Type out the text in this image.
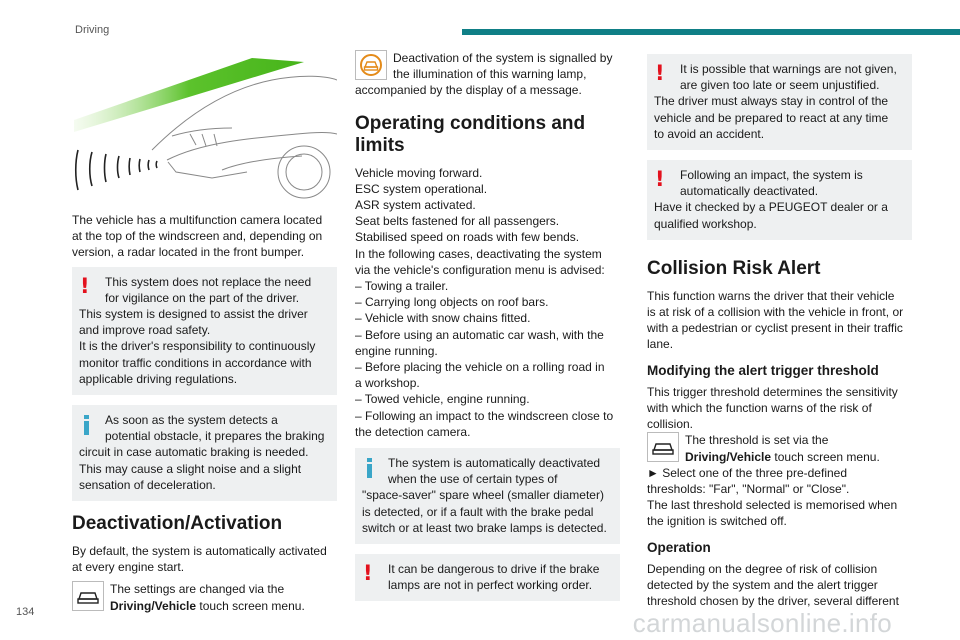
Driving
134	carmanualsonline.info
The vehicle has a multifunction camera located
at the top of the windscreen and, depending on
version, a radar located in the front bumper.
!	This system does not replace the need
for vigilance on the part of the driver.
This system is designed to assist the driver
and improve road safety.
It is the driver's responsibility to continuously
monitor traffic conditions in accordance with
applicable driving regulations.
As soon as the system detects a
potential obstacle, it prepares the braking
circuit in case automatic braking is needed.
This may cause a slight noise and a slight
sensation of deceleration.
Deactivation/Activation
By default, the system is automatically activated
at every engine start.
The settings are changed via the
Driving/Vehicle touch screen menu.
Deactivation of the system is signalled by
the illumination of this warning lamp,
accompanied by the display of a message.
Operating conditions and
limits
Vehicle moving forward.
ESC system operational.
ASR system activated.
Seat belts fastened for all passengers.
Stabilised speed on roads with few bends.
In the following cases, deactivating the system
via the vehicle's configuration menu is advised:
– Towing a trailer.
– Carrying long objects on roof bars.
– Vehicle with snow chains fitted.
– Before using an automatic car wash, with the
engine running.
– Before placing the vehicle on a rolling road in
a workshop.
– Towed vehicle, engine running.
– Following an impact to the windscreen close to
the detection camera.
The system is automatically deactivated
when the use of certain types of
"space-saver" spare wheel (smaller diameter)
is detected, or if a fault with the brake pedal
switch or at least two brake lamps is detected.
!	It can be dangerous to drive if the brake
lamps are not in perfect working order.
!	It is possible that warnings are not given,
are given too late or seem unjustified.
The driver must always stay in control of the
vehicle and be prepared to react at any time
to avoid an accident.
!	Following an impact, the system is
automatically deactivated.
Have it checked by a PEUGEOT dealer or a
qualified workshop.
Collision Risk Alert
This function warns the driver that their vehicle
is at risk of a collision with the vehicle in front, or
with a pedestrian or cyclist present in their traffic
lane.
Modifying the alert trigger threshold
This trigger threshold determines the sensitivity
with which the function warns of the risk of
collision.
The threshold is set via the
Driving/Vehicle touch screen menu.
► Select one of the three pre-defined
thresholds: "Far", "Normal" or "Close".
The last threshold selected is memorised when
the ignition is switched off.
Operation
Depending on the degree of risk of collision
detected by the system and the alert trigger
threshold chosen by the driver, several different
